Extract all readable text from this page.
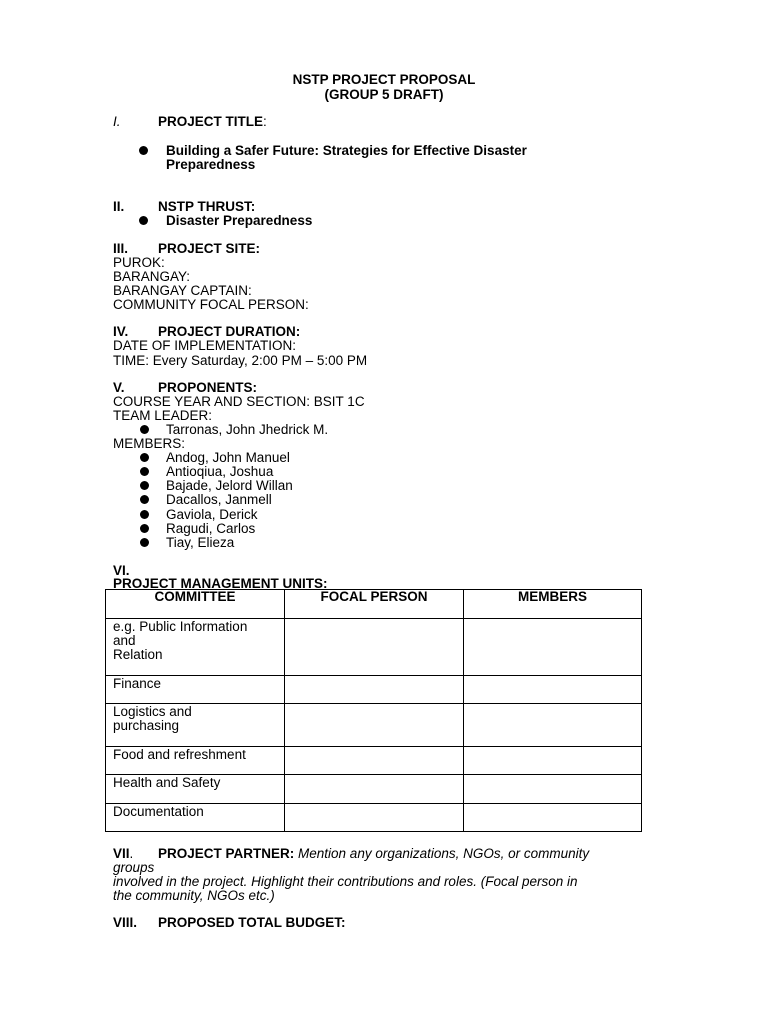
NSTP PROJECT PROPOSAL
(GROUP 5 DRAFT)
I.	PROJECT TITLE:
Building a Safer Future: Strategies for Effective Disaster
Preparedness
II. NSTP THRUST:
Disaster Preparedness
III. PROJECT SITE:
PUROK:
BARANGAY:
BARANGAY CAPTAIN:
COMMUNITY FOCAL PERSON:
IV. PROJECT DURATION:
DATE OF IMPLEMENTATION:
TIME: Every Saturday, 2:00 PM – 5:00 PM
V. PROPONENTS:
COURSE YEAR AND SECTION: BSIT 1C
TEAM LEADER:
Tarronas, John Jhedrick M.
MEMBERS:
Andog, John Manuel
Antioqiua, Joshua
Bajade, Jelord Willan
Dacallos, Janmell
Gaviola, Derick
Ragudi, Carlos
Tiay, Elieza
VI.
PROJECT MANAGEMENT UNITS:
COMMITTEE	FOCAL PERSON	MEMBERS

e.g. Public Information
and
Relation		

Finance		

Logistics and
purchasing		

Food and refreshment		

Health and Safety		

Documentation		

VII. PROJECT PARTNER: Mention any organizations, NGOs, or community
groups
involved in the project. Highlight their contributions and roles. (Focal person in
the community, NGOs etc.)
VIII. PROPOSED TOTAL BUDGET:
